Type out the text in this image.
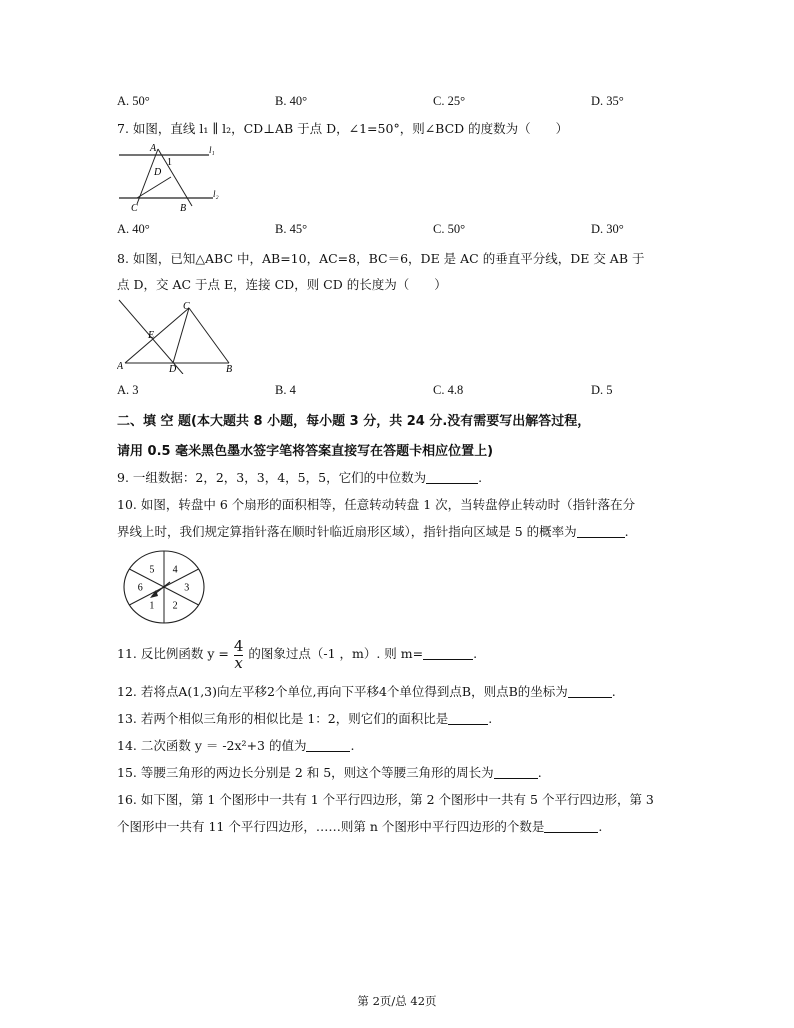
A. 50°	B. 40°	C. 25°	D. 35°
7. 如图，直线 l₁ ∥ l₂，CD⊥AB 于点 D，∠1=50°，则∠BCD 的度数为（　　）
A
1
l₁
D
C	B
l₂
A. 40°	B. 45°	C. 50°	D. 30°
8. 如图，已知△ABC 中，AB=10，AC=8，BC＝6，DE 是 AC 的垂直平分线，DE 交 AB 于
点 D，交 AC 于点 E，连接 CD，则 CD 的长度为（　　）
C
E
A	D	B
A. 3	B. 4	C. 4.8	D. 5
二、填 空 题(本大题共 8 小题，每小题 3 分，共 24 分.没有需要写出解答过程，
请用 0.5 毫米黑色墨水签字笔将答案直接写在答题卡相应位置上)
9. 一组数据：2，2，3，3，4，5，5，它们的中位数为	.
10. 如图，转盘中 6 个扇形的面积相等，任意转动转盘 1 次，当转盘停止转动时（指针落在分
界线上时，我们规定算指针落在顺时针临近扇形区域），指针指向区域是 5 的概率为	.
5 4
3
2
1
6
11. 反比例函数 $y = \frac{4}{x}$ 的图象过点（-1 ，m）. 则 m=	.
12. 若将点A(1,3)向左平移2个单位,再向下平移4个单位得到点B，则点B的坐标为	.
13. 若两个相似三角形的相似比是 1：2，则它们的面积比是	.
14. 二次函数 y ＝ -2x²+3 的值为	.
15. 等腰三角形的两边长分别是 2 和 5，则这个等腰三角形的周长为	.
16. 如下图，第 1 个图形中一共有 1 个平行四边形，第 2 个图形中一共有 5 个平行四边形，第 3
个图形中一共有 11 个平行四边形，……则第 n 个图形中平行四边形的个数是	.
第 2页/总 42页
